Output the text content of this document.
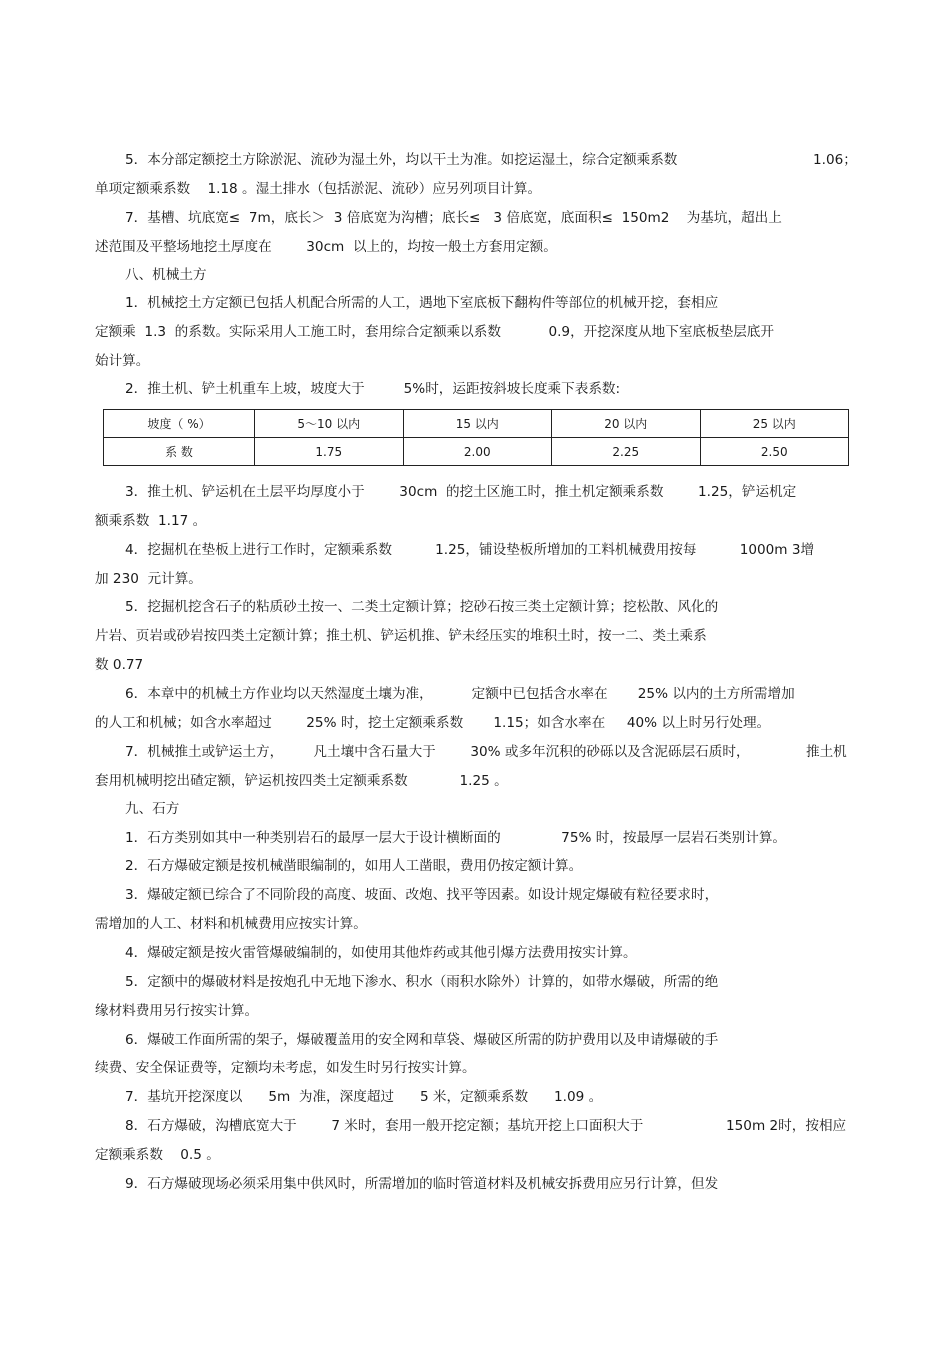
5．本分部定额挖土方除淤泥、流砂为湿土外，均以干土为准。如挖运湿土，综合定额乘系数	1.06；
单项定额乘系数    1.18 。湿土排水（包括淤泥、流砂）应另列项目计算。
7．基槽、坑底宽≤  7m，底长＞  3 倍底宽为沟槽；底长≤   3 倍底宽，底面积≤  150m2    为基坑，超出上
述范围及平整场地挖土厚度在        30cm  以上的，均按一般土方套用定额。
八、机械土方
1．机械挖土方定额已包括人机配合所需的人工，遇地下室底板下翻构件等部位的机械开挖，套相应
定额乘  1.3  的系数。实际采用人工施工时，套用综合定额乘以系数           0.9，开挖深度从地下室底板垫层底开
始计算。
2．推土机、铲土机重车上坡，坡度大于         5%时，运距按斜坡长度乘下表系数:
坡度（ %）	5～10 以内	15 以内	20 以内	25 以内
系 数	1.75	2.00	2.25	2.50
3．推土机、铲运机在土层平均厚度小于        30cm  的挖土区施工时，推土机定额乘系数        1.25，铲运机定
额乘系数  1.17 。
4．挖掘机在垫板上进行工作时，定额乘系数          1.25，铺设垫板所增加的工料机械费用按每          1000m 3增
加 230  元计算。
5．挖掘机挖含石子的粘质砂土按一、二类土定额计算；挖砂石按三类土定额计算；挖松散、风化的
片岩、页岩或砂岩按四类土定额计算；推土机、铲运机推、铲未经压实的堆积土时，按一二、类土乘系
数 0.77
6．本章中的机械土方作业均以天然湿度土壤为准，         定额中已包括含水率在       25% 以内的土方所需增加
的人工和机械；如含水率超过        25% 时，挖土定额乘系数       1.15；如含水率在     40% 以上时另行处理。
7．机械推土或铲运土方，       凡土壤中含石量大于        30% 或多年沉积的砂砾以及含泥砾层石质时，	推土机
套用机械明挖出碴定额，铲运机按四类土定额乘系数            1.25 。
九、石方
1．石方类别如其中一种类别岩石的最厚一层大于设计横断面的              75% 时，按最厚一层岩石类别计算。
2．石方爆破定额是按机械凿眼编制的，如用人工凿眼，费用仍按定额计算。
3．爆破定额已综合了不同阶段的高度、坡面、改炮、找平等因素。如设计规定爆破有粒径要求时，
需增加的人工、材料和机械费用应按实计算。
4．爆破定额是按火雷管爆破编制的，如使用其他炸药或其他引爆方法费用按实计算。
5．定额中的爆破材料是按炮孔中无地下渗水、积水（雨积水除外）计算的，如带水爆破，所需的绝
缘材料费用另行按实计算。
6．爆破工作面所需的架子，爆破覆盖用的安全网和草袋、爆破区所需的防护费用以及申请爆破的手
续费、安全保证费等，定额均未考虑，如发生时另行按实计算。
7．基坑开挖深度以      5m  为准，深度超过      5 米，定额乘系数      1.09 。
8．石方爆破，沟槽底宽大于        7 米时，套用一般开挖定额；基坑开挖上口面积大于	150m 2时，按相应
定额乘系数    0.5 。
9．石方爆破现场必须采用集中供风时，所需增加的临时管道材料及机械安拆费用应另行计算，但发
